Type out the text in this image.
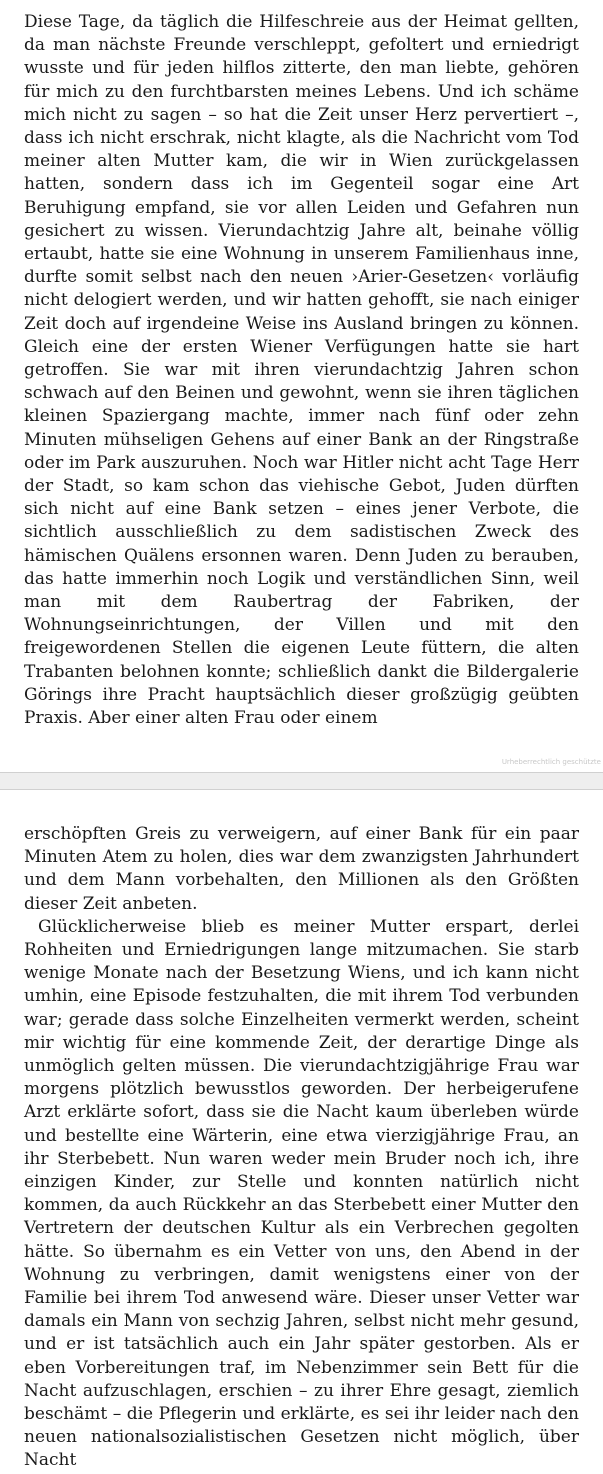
Diese Tage, da täglich die Hilfeschreie aus der Heimat gellten, da man nächste Freunde verschleppt, gefoltert und erniedrigt wusste und für jeden hilflos zitterte, den man liebte, gehören für mich zu den furchtbarsten meines Lebens. Und ich schäme mich nicht zu sagen – so hat die Zeit unser Herz pervertiert –, dass ich nicht erschrak, nicht klagte, als die Nachricht vom Tod meiner alten Mutter kam, die wir in Wien zurückgelassen hatten, sondern dass ich im Gegenteil sogar eine Art Beruhigung empfand, sie vor allen Leiden und Gefahren nun gesichert zu wissen. Vierundachtzig Jahre alt, beinahe völlig ertaubt, hatte sie eine Wohnung in unserem Familienhaus inne, durfte somit selbst nach den neuen ›Arier-Gesetzen‹ vorläufig nicht delogiert werden, und wir hatten gehofft, sie nach einiger Zeit doch auf irgendeine Weise ins Ausland bringen zu können. Gleich eine der ersten Wiener Verfügungen hatte sie hart getroffen. Sie war mit ihren vierundachtzig Jahren schon schwach auf den Beinen und gewohnt, wenn sie ihren täglichen kleinen Spaziergang machte, immer nach fünf oder zehn Minuten mühseligen Gehens auf einer Bank an der Ringstraße oder im Park auszuruhen. Noch war Hitler nicht acht Tage Herr der Stadt, so kam schon das viehische Gebot, Juden dürften sich nicht auf eine Bank setzen – eines jener Verbote, die sichtlich ausschließlich zu dem sadistischen Zweck des hämischen Quälens ersonnen waren. Denn Juden zu berauben, das hatte immerhin noch Logik und verständlichen Sinn, weil man mit dem Raubertrag der Fabriken, der Wohnungseinrichtungen, der Villen und mit den freigewordenen Stellen die eigenen Leute füttern, die alten Trabanten belohnen konnte; schließlich dankt die Bildergalerie Görings ihre Pracht hauptsächlich dieser großzügig geübten Praxis. Aber einer alten Frau oder einem

Urheberrechtlich geschützte

erschöpften Greis zu verweigern, auf einer Bank für ein paar Minuten Atem zu holen, dies war dem zwanzigsten Jahrhundert und dem Mann vorbehalten, den Millionen als den Größten dieser Zeit anbeten.

Glücklicherweise blieb es meiner Mutter erspart, derlei Rohheiten und Erniedrigungen lange mitzumachen. Sie starb wenige Monate nach der Besetzung Wiens, und ich kann nicht umhin, eine Episode festzuhalten, die mit ihrem Tod verbunden war; gerade dass solche Einzelheiten vermerkt werden, scheint mir wichtig für eine kommende Zeit, der derartige Dinge als unmöglich gelten müssen. Die vierundachtzigjährige Frau war morgens plötzlich bewusstlos geworden. Der herbeigerufene Arzt erklärte sofort, dass sie die Nacht kaum überleben würde und bestellte eine Wärterin, eine etwa vierzigjährige Frau, an ihr Sterbebett. Nun waren weder mein Bruder noch ich, ihre einzigen Kinder, zur Stelle und konnten natürlich nicht kommen, da auch Rückkehr an das Sterbebett einer Mutter den Vertretern der deutschen Kultur als ein Verbrechen gegolten hätte. So übernahm es ein Vetter von uns, den Abend in der Wohnung zu verbringen, damit wenigstens einer von der Familie bei ihrem Tod anwesend wäre. Dieser unser Vetter war damals ein Mann von sechzig Jahren, selbst nicht mehr gesund, und er ist tatsächlich auch ein Jahr später gestorben. Als er eben Vorbereitungen traf, im Nebenzimmer sein Bett für die Nacht aufzuschlagen, erschien – zu ihrer Ehre gesagt, ziemlich beschämt – die Pflegerin und erklärte, es sei ihr leider nach den neuen nationalsozialistischen Gesetzen nicht möglich, über Nacht
